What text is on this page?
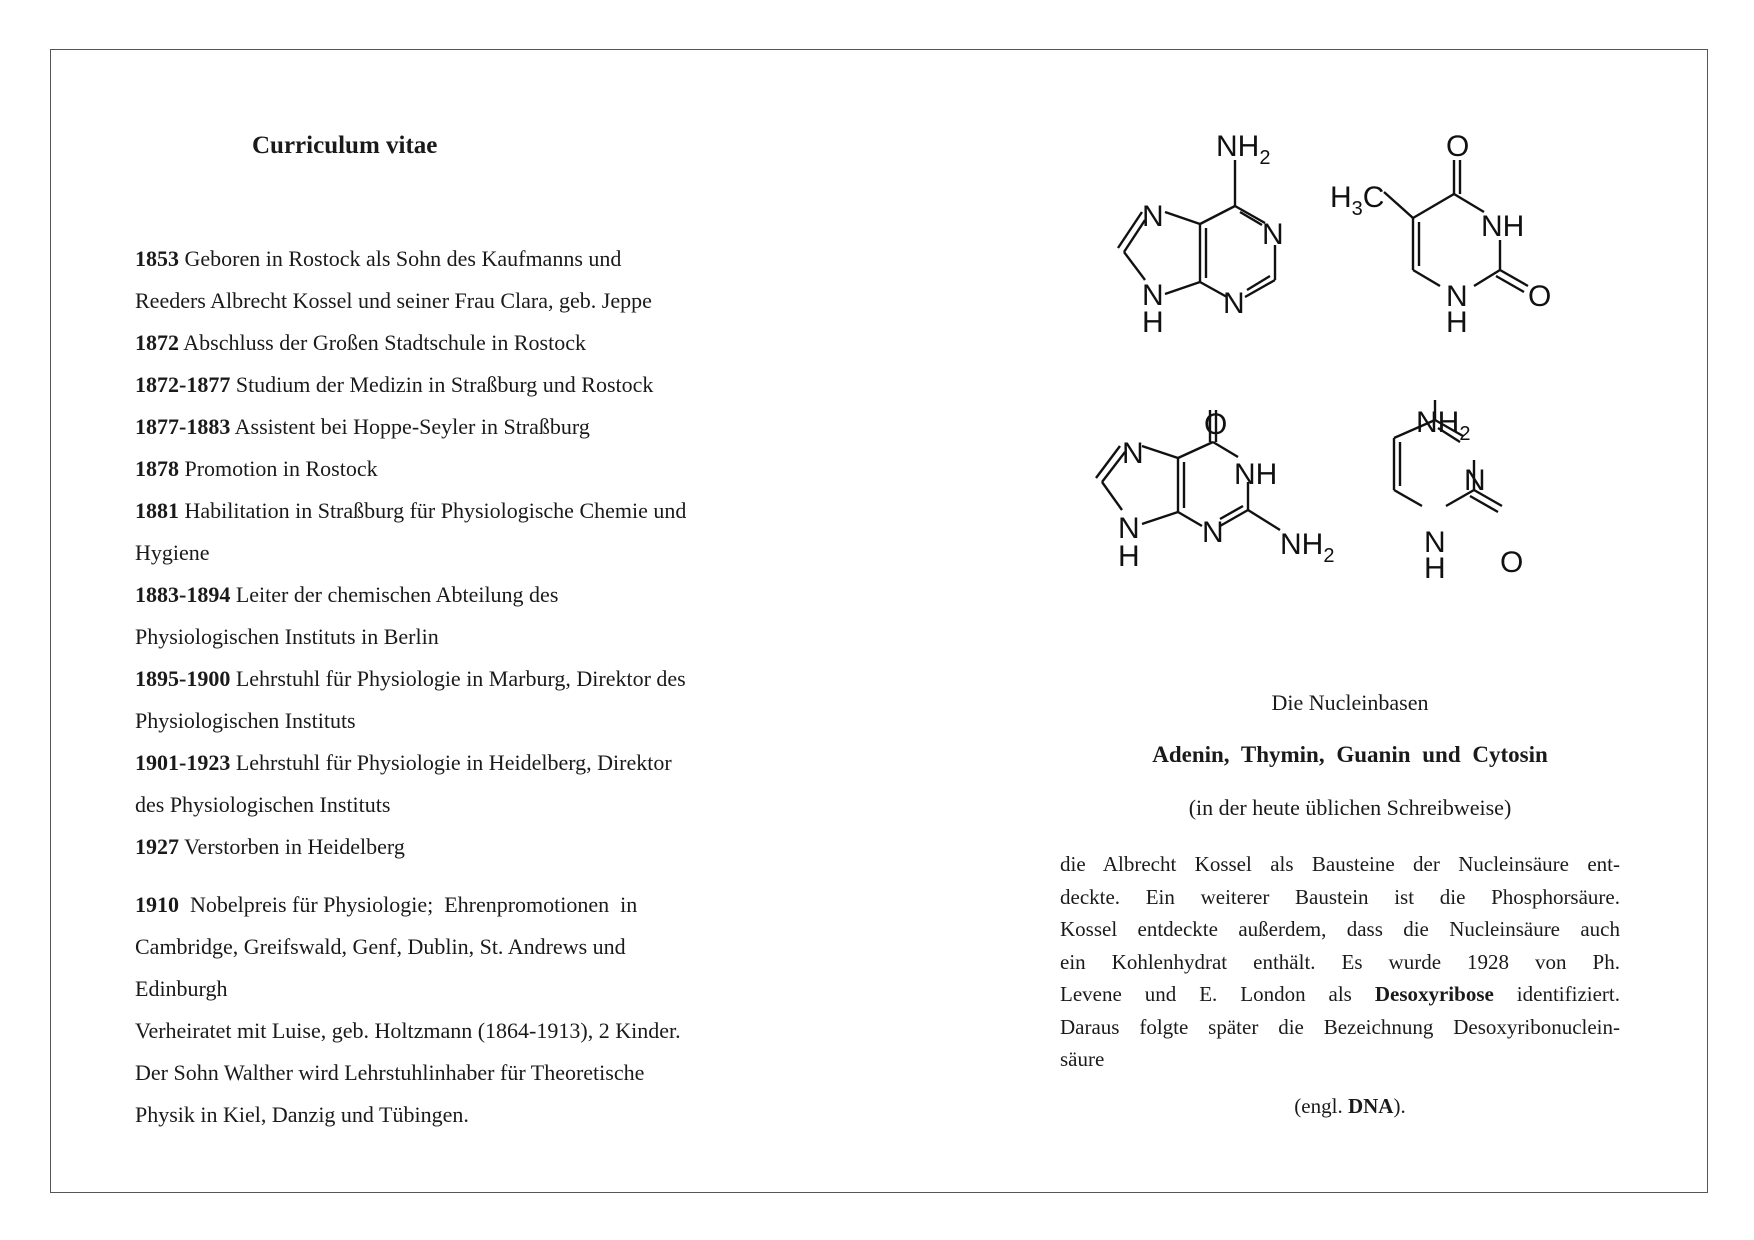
Curriculum vitae
1853 Geboren in Rostock als Sohn des Kaufmanns und
Reeders Albrecht Kossel und seiner Frau Clara, geb. Jeppe
1872 Abschluss der Großen Stadtschule in Rostock
1872-1877 Studium der Medizin in Straßburg und Rostock
1877-1883 Assistent bei Hoppe-Seyler in Straßburg
1878 Promotion in Rostock
1881 Habilitation in Straßburg für Physiologische Chemie und
Hygiene
1883-1894 Leiter der chemischen Abteilung des
Physiologischen Instituts in Berlin
1895-1900 Lehrstuhl für Physiologie in Marburg, Direktor des
Physiologischen Instituts
1901-1923 Lehrstuhl für Physiologie in Heidelberg, Direktor
des Physiologischen Instituts
1927 Verstorben in Heidelberg
1910  Nobelpreis für Physiologie;  Ehrenpromotionen  in
Cambridge, Greifswald, Genf, Dublin, St. Andrews und
Edinburgh
Verheiratet mit Luise, geb. Holtzmann (1864-1913), 2 Kinder.
Der Sohn Walther wird Lehrstuhlinhaber für Theoretische
Physik in Kiel, Danzig und Tübingen.
$NH_2$
N
N
N
N
H
$H_3C$
O
NH
O
N
H
O
NH
N
N
N
H	$NH_2$
$NH_2$
N
O
N
H
Die Nucleinbasen
Adenin, Thymin, Guanin und Cytosin
(in der heute üblichen Schreibweise)
die Albrecht Kossel als Bausteine der Nucleinsäure ent-
deckte. Ein weiterer Baustein ist die Phosphorsäure.
Kossel entdeckte außerdem, dass die Nucleinsäure auch
ein Kohlenhydrat enthält. Es wurde 1928 von Ph.
Levene und E. London als Desoxyribose identifiziert.
Daraus folgte später die Bezeichnung Desoxyribonuclein-
säure
(engl. DNA).
